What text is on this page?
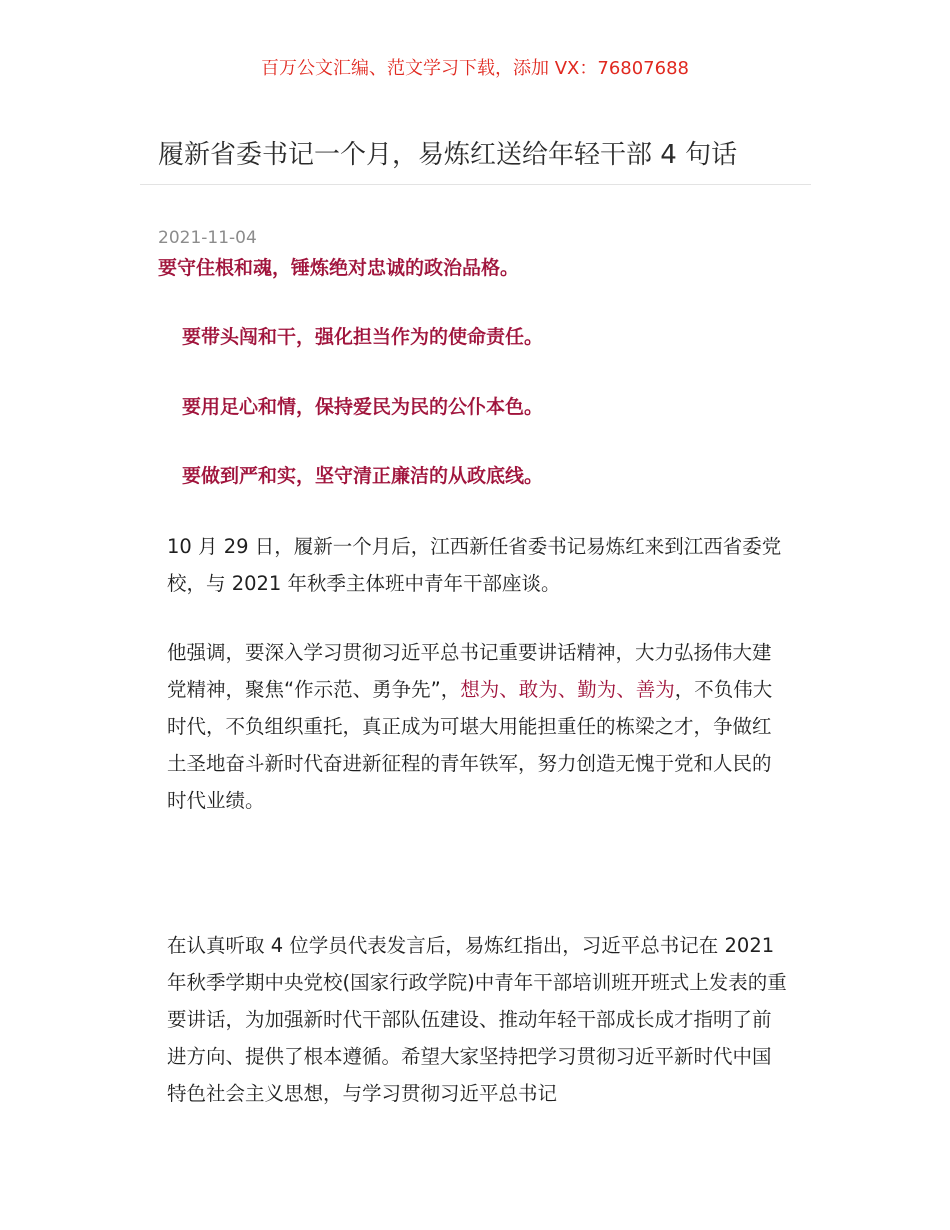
百万公文汇编、范文学习下载，添加 VX：76807688
履新省委书记一个月，易炼红送给年轻干部 4 句话
2021-11-04
要守住根和魂，锤炼绝对忠诚的政治品格。
要带头闯和干，强化担当作为的使命责任。
要用足心和情，保持爱民为民的公仆本色。
要做到严和实，坚守清正廉洁的从政底线。

10 月 29 日，履新一个月后，江西新任省委书记易炼红来到江西省委党校，与 2021 年秋季主体班中青年干部座谈。

他强调，要深入学习贯彻习近平总书记重要讲话精神，大力弘扬伟大建党精神，聚焦“作示范、勇争先”，想为、敢为、勤为、善为，不负伟大时代，不负组织重托，真正成为可堪大用能担重任的栋梁之才，争做红土圣地奋斗新时代奋进新征程的青年铁军，努力创造无愧于党和人民的时代业绩。

在认真听取 4 位学员代表发言后，易炼红指出，习近平总书记在 2021 年秋季学期中央党校(国家行政学院)中青年干部培训班开班式上发表的重要讲话，为加强新时代干部队伍建设、推动年轻干部成长成才指明了前进方向、提供了根本遵循。希望大家坚持把学习贯彻习近平新时代中国特色社会主义思想，与学习贯彻习近平总书记
